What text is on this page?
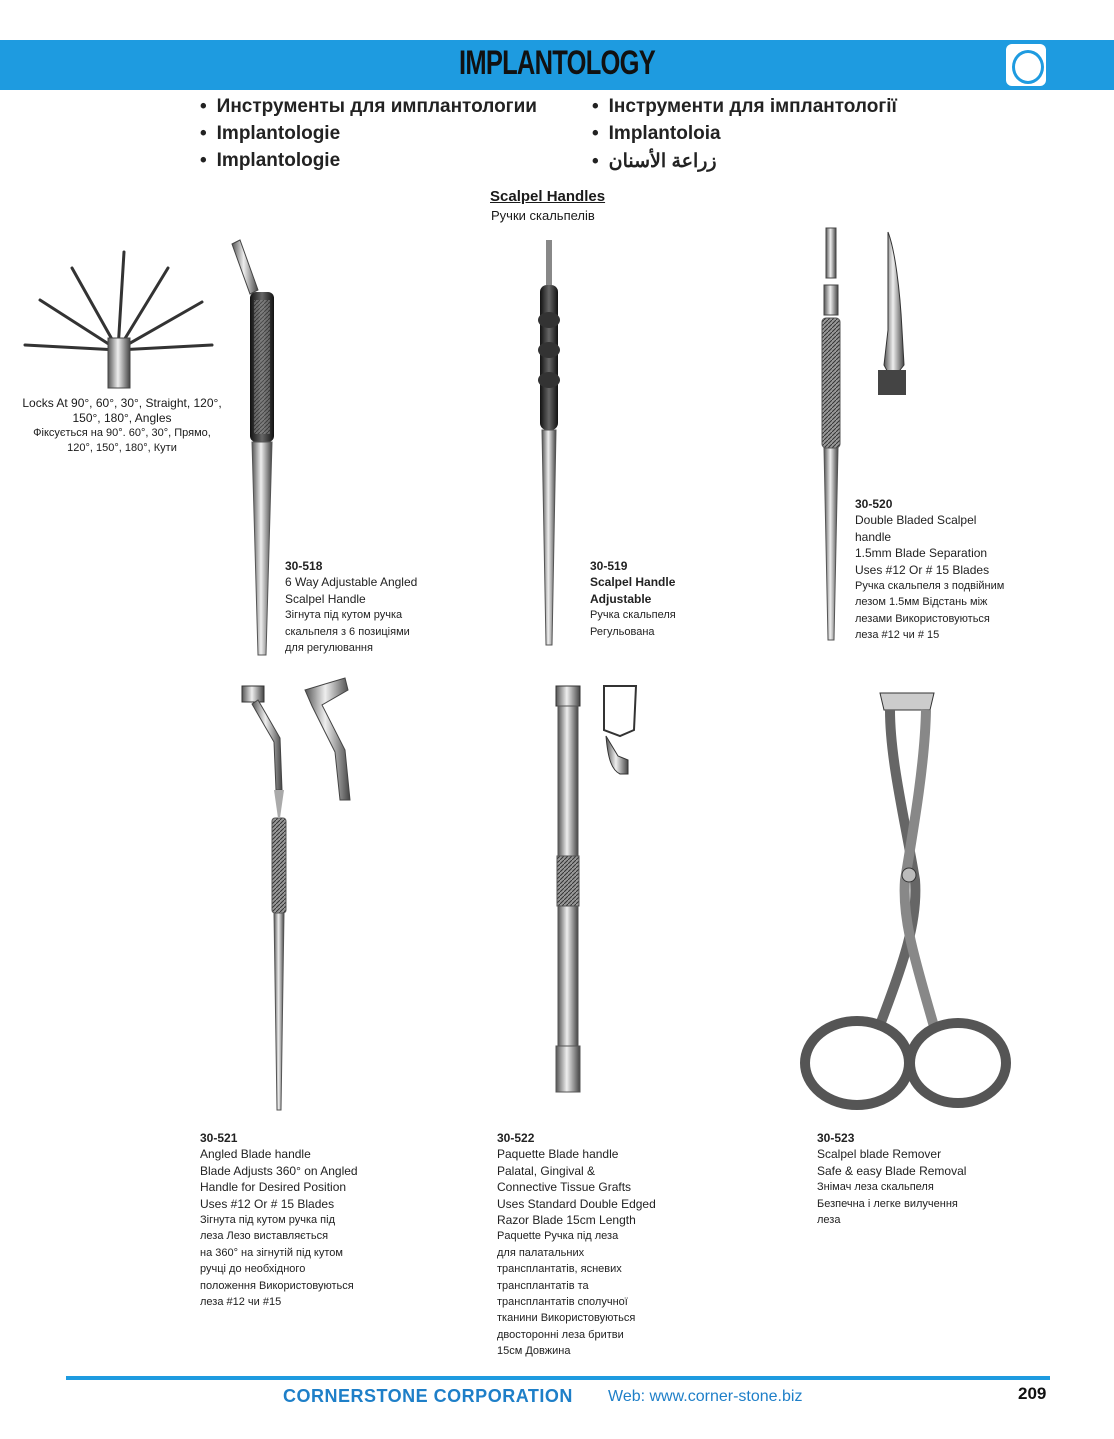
IMPLANTOLOGY
• Инструменты для имплантологии
• Implantologie
• Implantologie
• Інструменти для імплантології
• Implantoloia
• زراعة الأسنان
Scalpel Handles
Ручки скальпелів
Locks At 90°, 60°, 30°, Straight, 120°, 150°, 180°, Angles
Фіксується на 90°. 60°, 30°, Прямо, 120°, 150°, 180°, Кути
30-518
6 Way Adjustable Angled
Scalpel Handle
Зігнута під кутом ручка
скальпеля з 6 позиціями
для регулювання
30-519
Scalpel Handle
Adjustable
Ручка скальпеля
Регульована
30-520
Double Bladed Scalpel
handle
1.5mm Blade Separation
Uses #12 Or # 15 Blades
Ручка скальпеля з подвійним
лезом 1.5мм Відстань між
лезами Використовуються
леза #12 чи # 15
30-521
Angled Blade handle
Blade Adjusts 360° on Angled
Handle for Desired Position
Uses #12 Or # 15 Blades
Зігнута під кутом ручка під
леза Лезо виставляється
на 360° на зігнутій під кутом
ручці до необхідного
положення Використовуються
леза #12 чи #15
30-522
Paquette Blade handle
Palatal, Gingival &
Connective Tissue Grafts
Uses Standard Double Edged
Razor Blade 15cm Length
Paquette Ручка під леза
для палатальних
трансплантатів, ясневих
трансплантатів та
трансплантатів сполучної
тканини Використовуються
двосторонні леза бритви
15см Довжина
30-523
Scalpel blade Remover
Safe & easy Blade Removal
Знімач леза скальпеля
Безпечна і легке вилучення
леза
CORNERSTONE CORPORATION Web: www.corner-stone.biz	209
